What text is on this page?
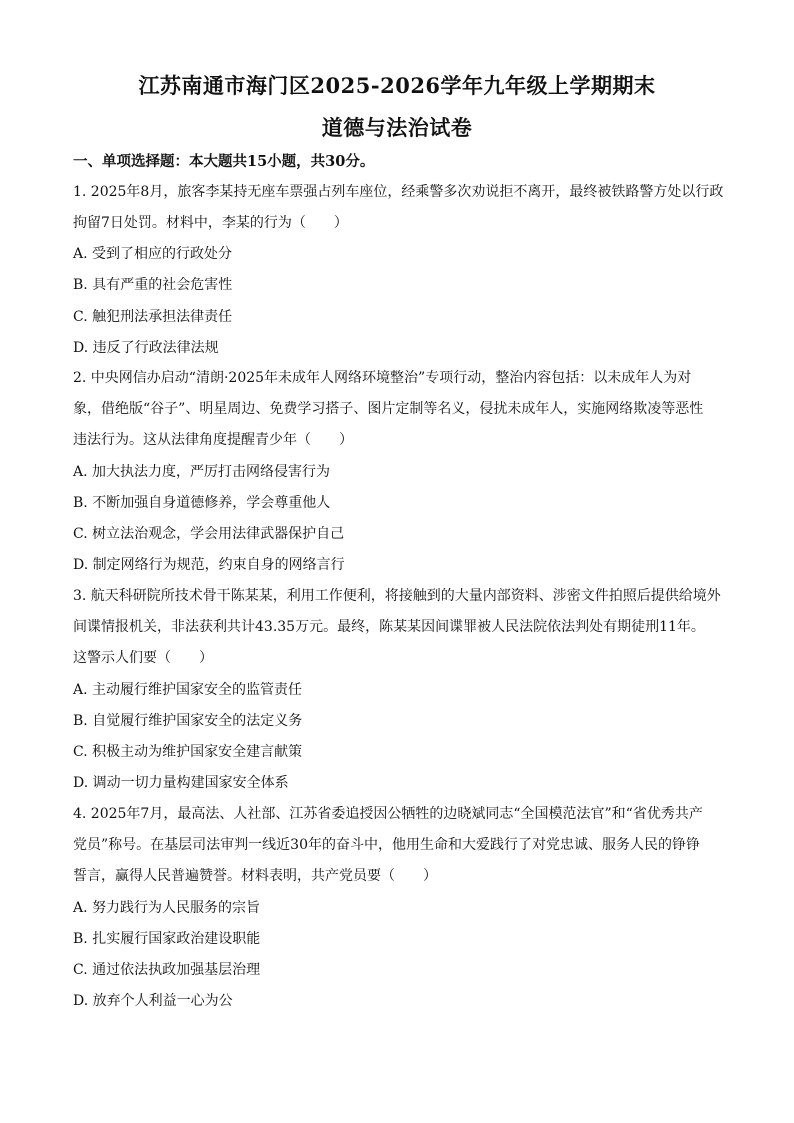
江苏南通市海门区2025-2026学年九年级上学期期末
道德与法治试卷
一、单项选择题：本大题共15小题，共30分。
1. 2025年8月，旅客李某持无座车票强占列车座位，经乘警多次劝说拒不离开，最终被铁路警方处以行政
拘留7日处罚。材料中，李某的行为（　　）
A. 受到了相应的行政处分
B. 具有严重的社会危害性
C. 触犯刑法承担法律责任
D. 违反了行政法律法规
2. 中央网信办启动“清朗·2025年未成年人网络环境整治”专项行动，整治内容包括：以未成年人为对
象，借绝版“谷子”、明星周边、免费学习搭子、图片定制等名义，侵扰未成年人，实施网络欺凌等恶性
违法行为。这从法律角度提醒青少年（　　）
A. 加大执法力度，严厉打击网络侵害行为
B. 不断加强自身道德修养，学会尊重他人
C. 树立法治观念，学会用法律武器保护自己
D. 制定网络行为规范，约束自身的网络言行
3. 航天科研院所技术骨干陈某某，利用工作便利，将接触到的大量内部资料、涉密文件拍照后提供给境外
间谍情报机关，非法获利共计43.35万元。最终，陈某某因间谍罪被人民法院依法判处有期徒刑11年。
这警示人们要（　　）
A. 主动履行维护国家安全的监管责任
B. 自觉履行维护国家安全的法定义务
C. 积极主动为维护国家安全建言献策
D. 调动一切力量构建国家安全体系
4. 2025年7月，最高法、人社部、江苏省委追授因公牺牲的边晓斌同志“全国模范法官”和“省优秀共产
党员”称号。在基层司法审判一线近30年的奋斗中，他用生命和大爱践行了对党忠诚、服务人民的铮铮
誓言，赢得人民普遍赞誉。材料表明，共产党员要（　　）
A. 努力践行为人民服务的宗旨
B. 扎实履行国家政治建设职能
C. 通过依法执政加强基层治理
D. 放弃个人利益一心为公
